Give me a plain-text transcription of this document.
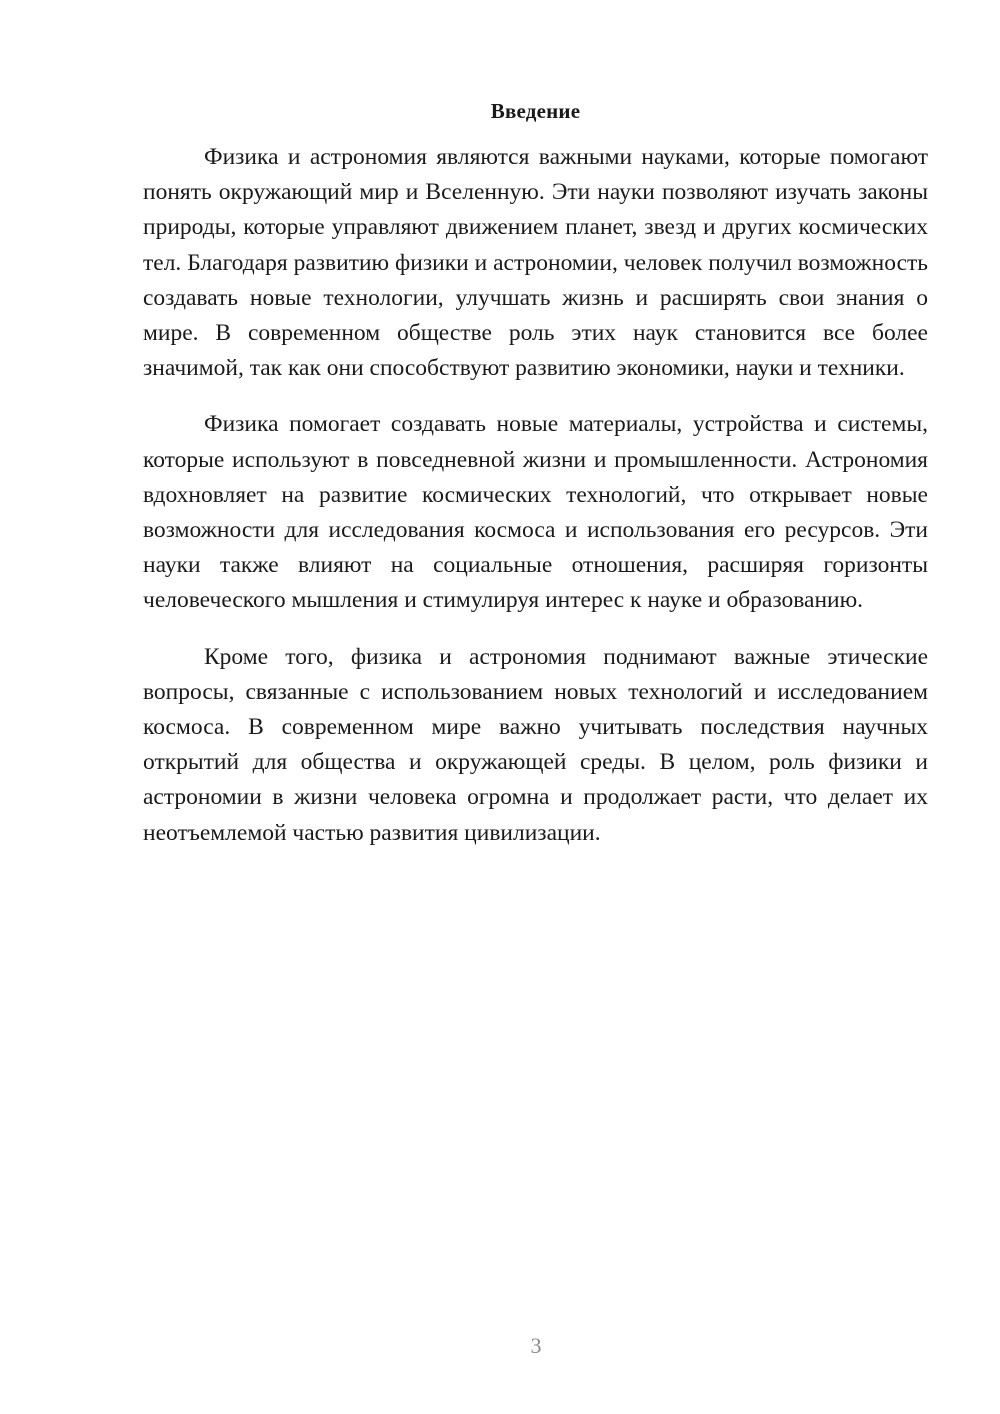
Введение

Физика и астрономия являются важными науками, которые помогают понять окружающий мир и Вселенную. Эти науки позволяют изучать законы природы, которые управляют движением планет, звезд и других космических тел. Благодаря развитию физики и астрономии, человек получил возможность создавать новые технологии, улучшать жизнь и расширять свои знания о мире. В современном обществе роль этих наук становится все более значимой, так как они способствуют развитию экономики, науки и техники.

Физика помогает создавать новые материалы, устройства и системы, которые используют в повседневной жизни и промышленности. Астрономия вдохновляет на развитие космических технологий, что открывает новые возможности для исследования космоса и использования его ресурсов. Эти науки также влияют на социальные отношения, расширяя горизонты человеческого мышления и стимулируя интерес к науке и образованию.

Кроме того, физика и астрономия поднимают важные этические вопросы, связанные с использованием новых технологий и исследованием космоса. В современном мире важно учитывать последствия научных открытий для общества и окружающей среды. В целом, роль физики и астрономии в жизни человека огромна и продолжает расти, что делает их неотъемлемой частью развития цивилизации.

3
